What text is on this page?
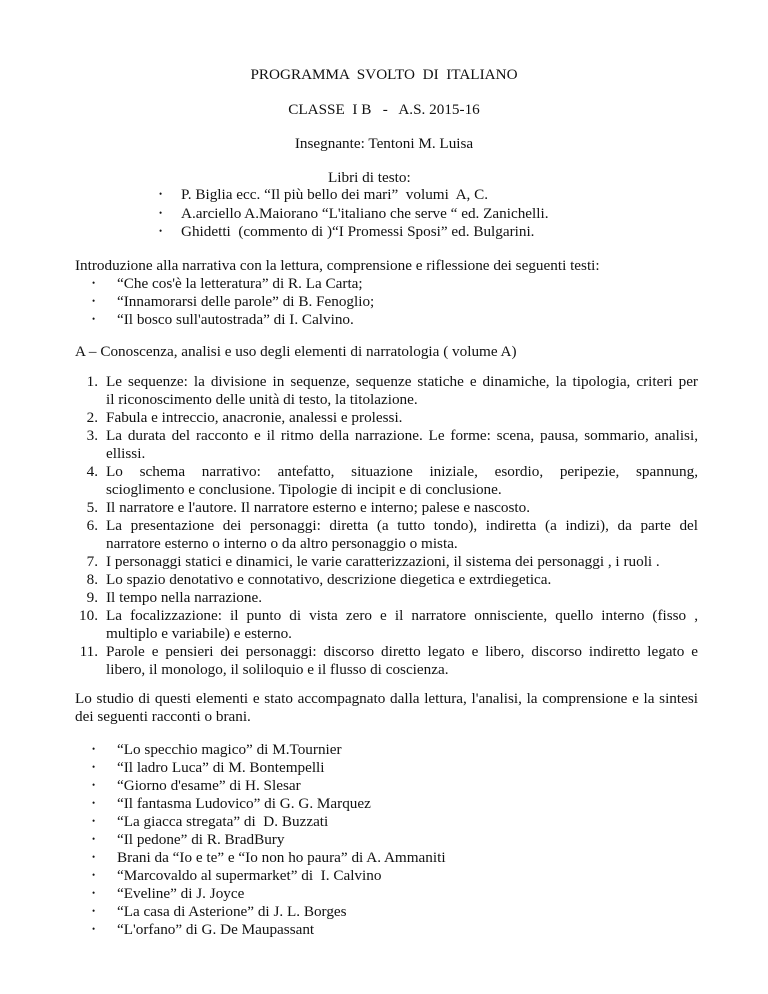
PROGRAMMA  SVOLTO  DI  ITALIANO
CLASSE  I B   -   A.S. 2015-16
Insegnante: Tentoni M. Luisa
Libri di testo:
• P. Biglia ecc. “Il più bello dei mari”  volumi  A, C.
• A.arciello A.Maiorano “L'italiano che serve “ ed. Zanichelli.
• Ghidetti  (commento di )“I Promessi Sposi” ed. Bulgarini.
Introduzione alla narrativa con la lettura, comprensione e riflessione dei seguenti testi:
• “Che cos'è la letteratura” di R. La Carta;
• “Innamorarsi delle parole” di B. Fenoglio;
• “Il bosco sull'autostrada” di I. Calvino.
A – Conoscenza, analisi e uso degli elementi di narratologia ( volume A)
1. Le sequenze: la divisione in sequenze, sequenze statiche e dinamiche, la tipologia, criteri per
il riconoscimento delle unità di testo, la titolazione.
2. Fabula e intreccio, anacronie, analessi e prolessi.
3. La durata del racconto e il ritmo della narrazione. Le forme: scena, pausa, sommario, analisi,
ellissi.
4. Lo schema narrativo: antefatto, situazione iniziale, esordio, peripezie, spannung,
scioglimento e conclusione. Tipologie di incipit e di conclusione.
5. Il narratore e l'autore. Il narratore esterno e interno; palese e nascosto.
6. La presentazione dei personaggi: diretta (a tutto tondo), indiretta (a indizi), da parte del
narratore esterno o interno o da altro personaggio o mista.
7. I personaggi statici e dinamici, le varie caratterizzazioni, il sistema dei personaggi , i ruoli .
8. Lo spazio denotativo e connotativo, descrizione diegetica e extrdiegetica.
9. Il tempo nella narrazione.
10. La focalizzazione: il punto di vista zero e il narratore onnisciente, quello interno (fisso ,
multiplo e variabile) e esterno.
11. Parole e pensieri dei personaggi: discorso diretto legato e libero, discorso indiretto legato e
libero, il monologo, il soliloquio e il flusso di coscienza.
Lo studio di questi elementi e stato accompagnato dalla lettura, l'analisi, la comprensione e la sintesi
dei seguenti racconti o brani.
• “Lo specchio magico” di M.Tournier
• “Il ladro Luca” di M. Bontempelli
• “Giorno d'esame” di H. Slesar
• “Il fantasma Ludovico” di G. G. Marquez
• “La giacca stregata” di  D. Buzzati
• “Il pedone” di R. BradBury
• Brani da “Io e te” e “Io non ho paura” di A. Ammaniti
• “Marcovaldo al supermarket” di  I. Calvino
• “Eveline” di J. Joyce
• “La casa di Asterione” di J. L. Borges
• “L'orfano” di G. De Maupassant
